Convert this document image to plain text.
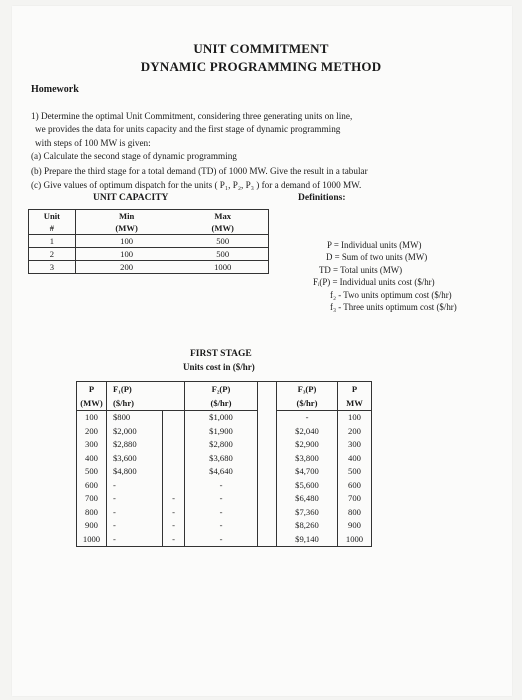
UNIT COMMITMENT
DYNAMIC PROGRAMMING METHOD
Homework
1) Determine the optimal Unit Commitment, considering three generating units on line,
we provides the data for units capacity and the first stage of dynamic programming
with steps of 100 MW is given:
(a) Calculate the second stage of dynamic programming
(b) Prepare the third stage for a total demand (TD) of 1000 MW. Give the result in a tabular
(c) Give values of optimum dispatch for the units ( P₁, P₂, P₃ ) for a demand of 1000 MW.
UNIT CAPACITY	Definitions:
Unit	Min	Max
#	(MW)	(MW)
1	100	500
2	100	500
3	200	1000
P = Individual units (MW)
D = Sum of two units (MW)
TD = Total units (MW)
Fᵢ(P) = Individual units cost ($/hr)
f₂ - Two units optimum cost ($/hr)
f₃ - Three units optimum cost ($/hr)
FIRST STAGE
Units cost in ($/hr)
P	F₁(P)		F₂(P)		F₃(P)	P
(MW)	($/hr)		($/hr)		($/hr)	MW
100	$800		$1,000		-	100
200	$2,000		$1,900		$2,040	200
300	$2,880		$2,800		$2,900	300
400	$3,600		$3,680		$3,800	400
500	$4,800		$4,640		$4,700	500
600	-		-		$5,600	600
700	-	-	-		$6,480	700
800	-	-	-		$7,360	800
900	-	-	-		$8,260	900
1000	-	-	-		$9,140	1000
